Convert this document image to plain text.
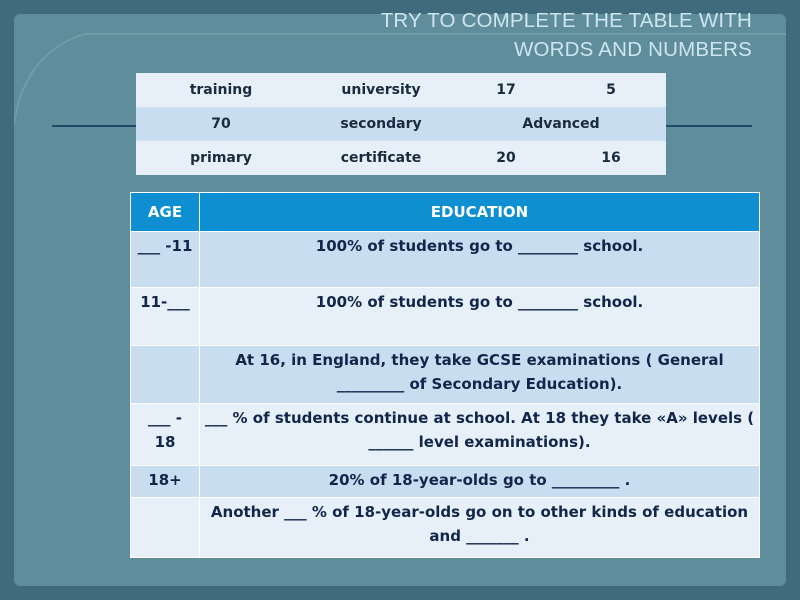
TRY TO COMPLETE THE TABLE WITH
WORDS AND NUMBERS
training	university	17	5
70	secondary	Advanced	
primary	certificate	20	16
AGE	EDUCATION
___ -11	100% of students go to ________ school.
11-___	100% of students go to ________ school.
	At 16, in England, they take GCSE examinations ( General _________ of Secondary Education).
___ - 18	___ % of students continue at school. At 18 they take «A» levels ( ______ level examinations).
18+	20% of 18-year-olds go to _________ .
	Another ___ % of 18-year-olds go on to other kinds of education and _______ .
